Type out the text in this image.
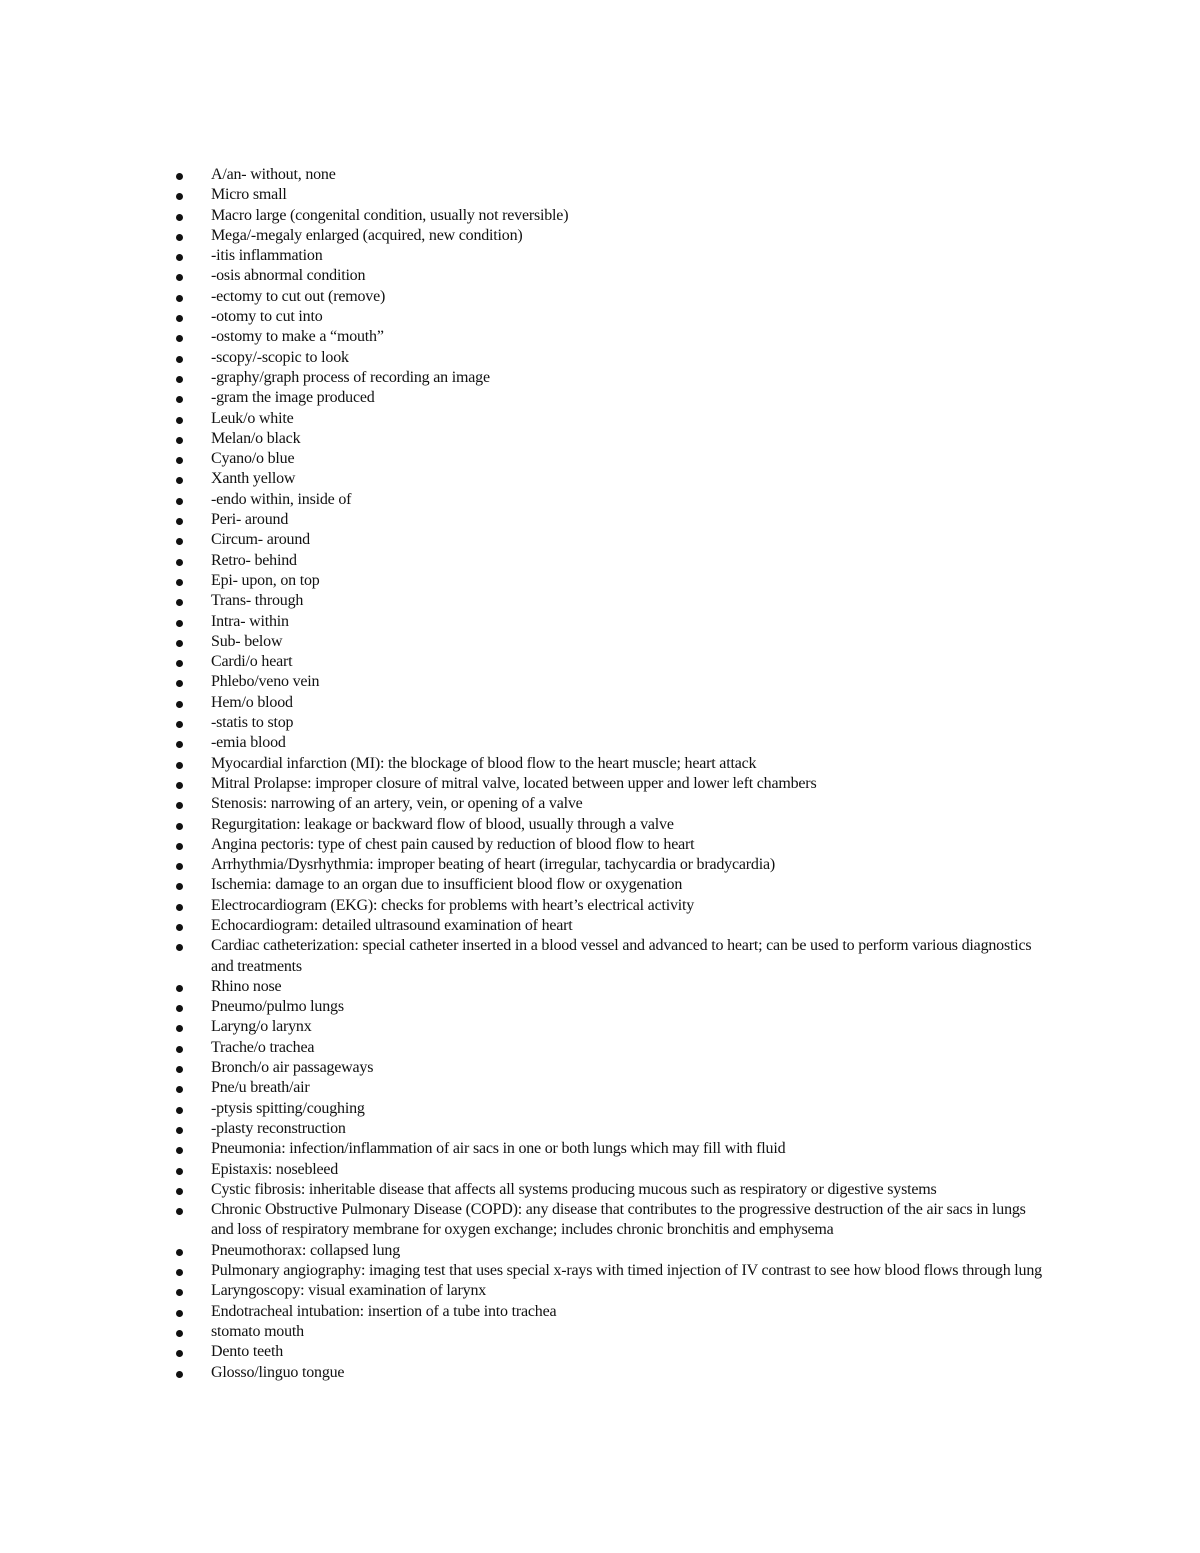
A/an- without, none
Micro small
Macro large (congenital condition, usually not reversible)
Mega/-megaly enlarged (acquired, new condition)
-itis inflammation
-osis abnormal condition
-ectomy to cut out (remove)
-otomy to cut into
-ostomy to make a “mouth”
-scopy/-scopic to look
-graphy/graph process of recording an image
-gram the image produced
Leuk/o white
Melan/o black
Cyano/o blue
Xanth yellow
-endo within, inside of
Peri- around
Circum- around
Retro- behind
Epi- upon, on top
Trans- through
Intra- within
Sub- below
Cardi/o heart
Phlebo/veno vein
Hem/o blood
-statis to stop
-emia blood
Myocardial infarction (MI): the blockage of blood flow to the heart muscle; heart attack
Mitral Prolapse: improper closure of mitral valve, located between upper and lower left chambers
Stenosis: narrowing of an artery, vein, or opening of a valve
Regurgitation: leakage or backward flow of blood, usually through a valve
Angina pectoris: type of chest pain caused by reduction of blood flow to heart
Arrhythmia/Dysrhythmia: improper beating of heart (irregular, tachycardia or bradycardia)
Ischemia: damage to an organ due to insufficient blood flow or oxygenation
Electrocardiogram (EKG): checks for problems with heart’s electrical activity
Echocardiogram: detailed ultrasound examination of heart
Cardiac catheterization: special catheter inserted in a blood vessel and advanced to heart; can be used to perform various diagnostics and treatments
Rhino nose
Pneumo/pulmo lungs
Laryng/o larynx
Trache/o trachea
Bronch/o air passageways
Pne/u breath/air
-ptysis spitting/coughing
-plasty reconstruction
Pneumonia: infection/inflammation of air sacs in one or both lungs which may fill with fluid
Epistaxis: nosebleed
Cystic fibrosis: inheritable disease that affects all systems producing mucous such as respiratory or digestive systems
Chronic Obstructive Pulmonary Disease (COPD): any disease that contributes to the progressive destruction of the air sacs in lungs and loss of respiratory membrane for oxygen exchange; includes chronic bronchitis and emphysema
Pneumothorax: collapsed lung
Pulmonary angiography: imaging test that uses special x-rays with timed injection of IV contrast to see how blood flows through lung
Laryngoscopy: visual examination of larynx
Endotracheal intubation: insertion of a tube into trachea
stomato mouth
Dento teeth
Glosso/linguo tongue
